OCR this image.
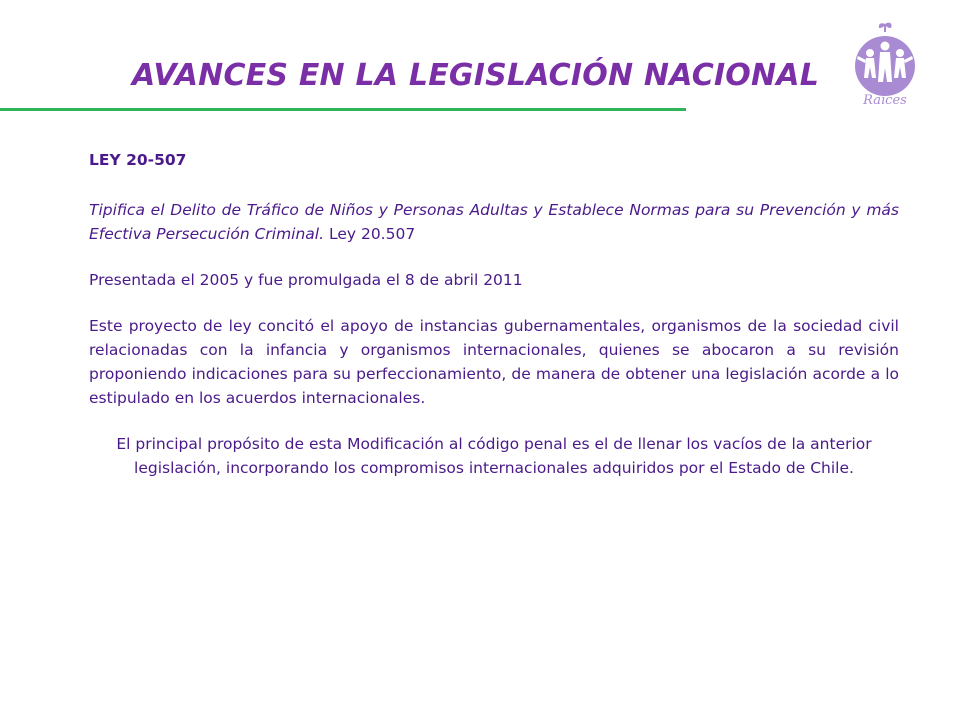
AVANCES EN LA LEGISLACIÓN NACIONAL
Raíces

LEY 20-507

Tipifica el Delito de Tráfico de Niños y Personas Adultas y Establece Normas para su Prevención y más Efectiva Persecución Criminal. Ley 20.507

Presentada el 2005 y fue promulgada el 8 de abril 2011

Este proyecto de ley concitó el apoyo de instancias gubernamentales, organismos de la sociedad civil relacionadas con la infancia y organismos internacionales, quienes se abocaron a su revisión proponiendo indicaciones para su perfeccionamiento, de manera de obtener una legislación acorde a lo estipulado en los acuerdos internacionales.

El principal propósito de esta Modificación al código penal es el de llenar los vacíos de la anterior legislación, incorporando los compromisos internacionales adquiridos por el Estado de Chile.
